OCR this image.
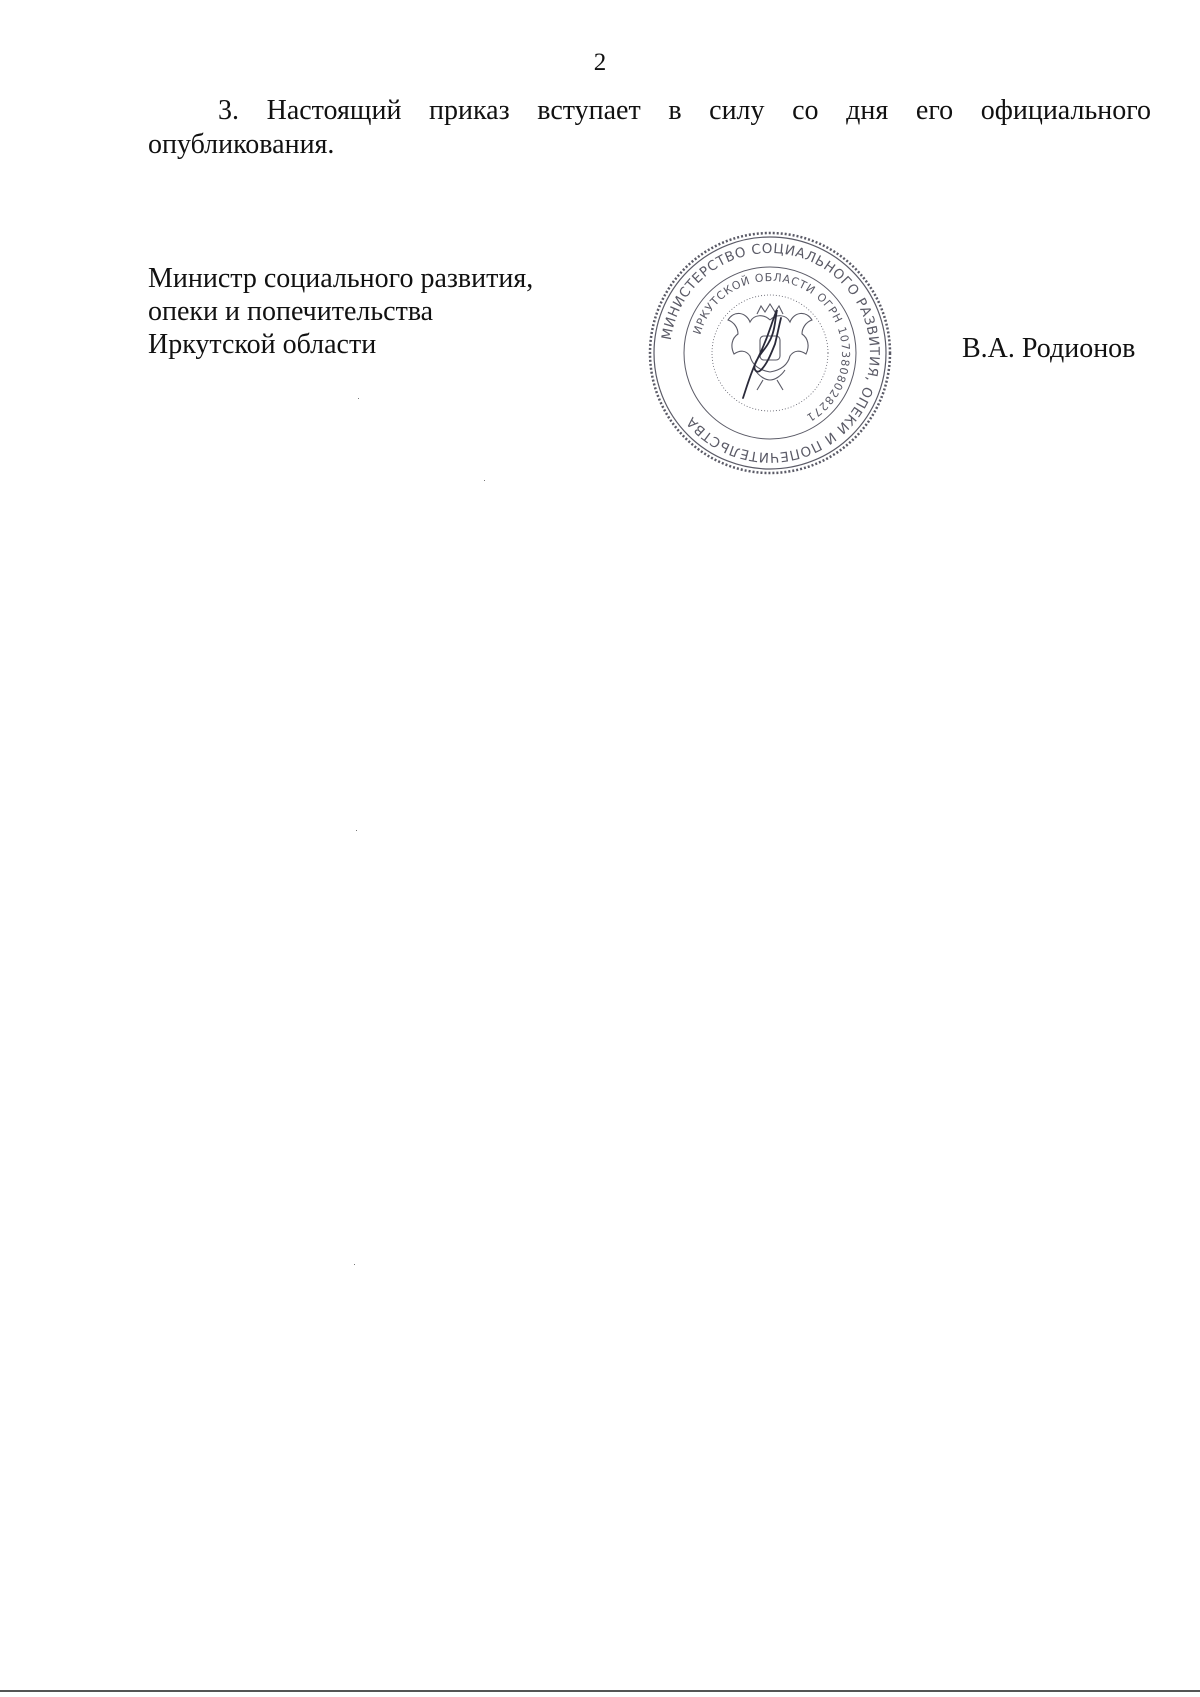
2

3. Настоящий приказ вступает в силу со дня его официального опубликования.

Министр социального развития,
опеки и попечительства
Иркутской области	МИНИСТЕРСТВО СОЦИАЛЬНОГО РАЗВИТИЯ, ОПЕКИ И ПОПЕЧИТЕЛЬСТВА
ИРКУТСКОЙ ОБЛАСТИ ОГРН 1073808028271
В.А. Родионов
